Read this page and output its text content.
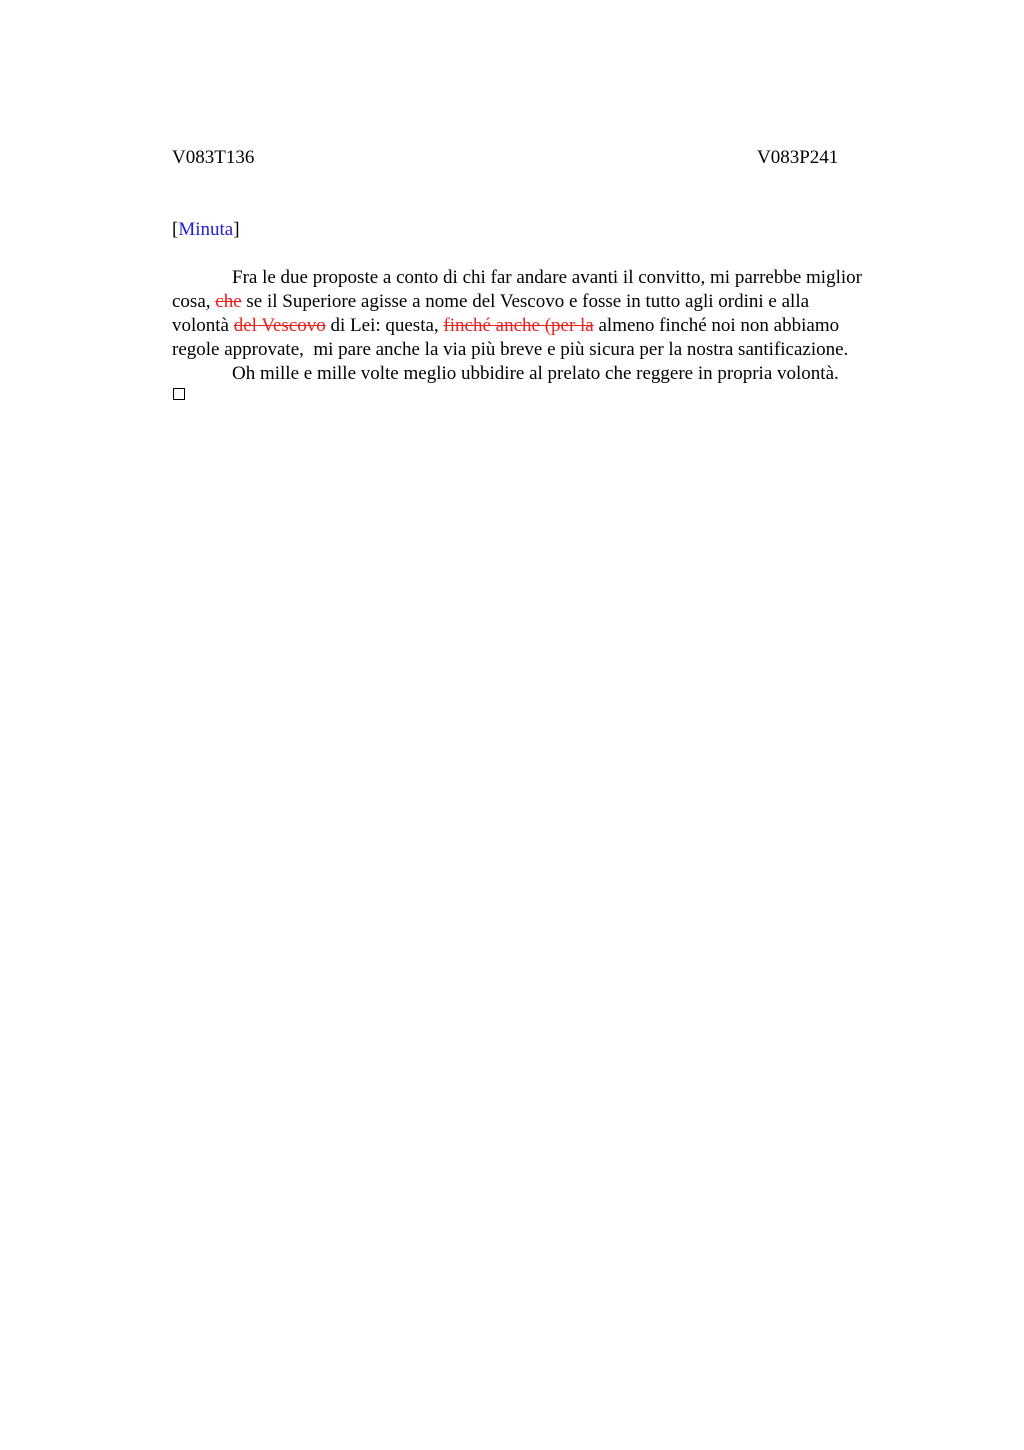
V083T136	V083P241
[Minuta]
Fra le due proposte a conto di chi far andare avanti il convitto, mi parrebbe miglior
cosa, che se il Superiore agisse a nome del Vescovo e fosse in tutto agli ordini e alla
volontà del Vescovo di Lei: questa, finché anche (per la almeno finché noi non abbiamo
regole approvate,  mi pare anche la via più breve e più sicura per la nostra santificazione.
Oh mille e mille volte meglio ubbidire al prelato che reggere in propria volontà.
